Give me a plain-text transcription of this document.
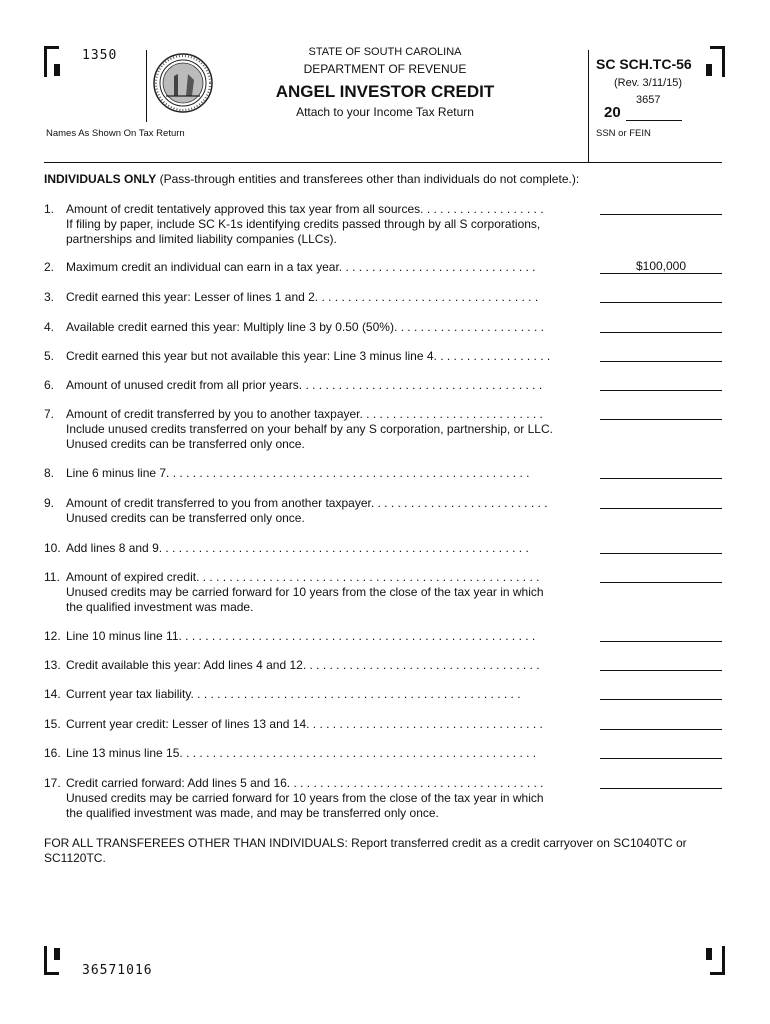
1350	STATE OF SOUTH CAROLINA
DEPARTMENT OF REVENUE
ANGEL INVESTOR CREDIT
Attach to your Income Tax Return
SC SCH.TC-56
(Rev. 3/11/15)
3657
20
Names As Shown On Tax Return	SSN or FEIN
INDIVIDUALS ONLY (Pass-through entities and transferees other than individuals do not complete.):
1. Amount of credit tentatively approved this tax year from all sources. . . . . . . . . . . . . . . . . . .
If filing by paper, include SC K-1s identifying credits passed through by all S corporations,
partnerships and limited liability companies (LLCs).
2. Maximum credit an individual can earn in a tax year. . . . . . . . . . . . . . . . . . . . . . . . . . . . . .	$100,000
3. Credit earned this year: Lesser of lines 1 and 2. . . . . . . . . . . . . . . . . . . . . . . . . . . . . . . . . .
4. Available credit earned this year: Multiply line 3 by 0.50 (50%). . . . . . . . . . . . . . . . . . . . . . .
5. Credit earned this year but not available this year: Line 3 minus line 4. . . . . . . . . . . . . . . . . .
6. Amount of unused credit from all prior years. . . . . . . . . . . . . . . . . . . . . . . . . . . . . . . . . . . . .
7. Amount of credit transferred by you to another taxpayer. . . . . . . . . . . . . . . . . . . . . . . . . . . .
Include unused credits transferred on your behalf by any S corporation, partnership, or LLC.
Unused credits can be transferred only once.
8. Line 6 minus line 7. . . . . . . . . . . . . . . . . . . . . . . . . . . . . . . . . . . . . . . . . . . . . . . . . . . . . . .
9. Amount of credit transferred to you from another taxpayer. . . . . . . . . . . . . . . . . . . . . . . . . . .
Unused credits can be transferred only once.
10. Add lines 8 and 9. . . . . . . . . . . . . . . . . . . . . . . . . . . . . . . . . . . . . . . . . . . . . . . . . . . . . . . .
11. Amount of expired credit. . . . . . . . . . . . . . . . . . . . . . . . . . . . . . . . . . . . . . . . . . . . . . . . . . . .
Unused credits may be carried forward for 10 years from the close of the tax year in which
the qualified investment was made.
12. Line 10 minus line 11. . . . . . . . . . . . . . . . . . . . . . . . . . . . . . . . . . . . . . . . . . . . . . . . . . . . . .
13. Credit available this year: Add lines 4 and 12. . . . . . . . . . . . . . . . . . . . . . . . . . . . . . . . . . . .
14. Current year tax liability. . . . . . . . . . . . . . . . . . . . . . . . . . . . . . . . . . . . . . . . . . . . . . . . . .
15. Current year credit: Lesser of lines 13 and 14. . . . . . . . . . . . . . . . . . . . . . . . . . . . . . . . . . . .
16. Line 13 minus line 15. . . . . . . . . . . . . . . . . . . . . . . . . . . . . . . . . . . . . . . . . . . . . . . . . . . . . .
17. Credit carried forward: Add lines 5 and 16. . . . . . . . . . . . . . . . . . . . . . . . . . . . . . . . . . . . . . .
Unused credits may be carried forward for 10 years from the close of the tax year in which
the qualified investment was made, and may be transferred only once.
FOR ALL TRANSFEREES OTHER THAN INDIVIDUALS: Report transferred credit as a credit carryover on SC1040TC or SC1120TC.
36571016
